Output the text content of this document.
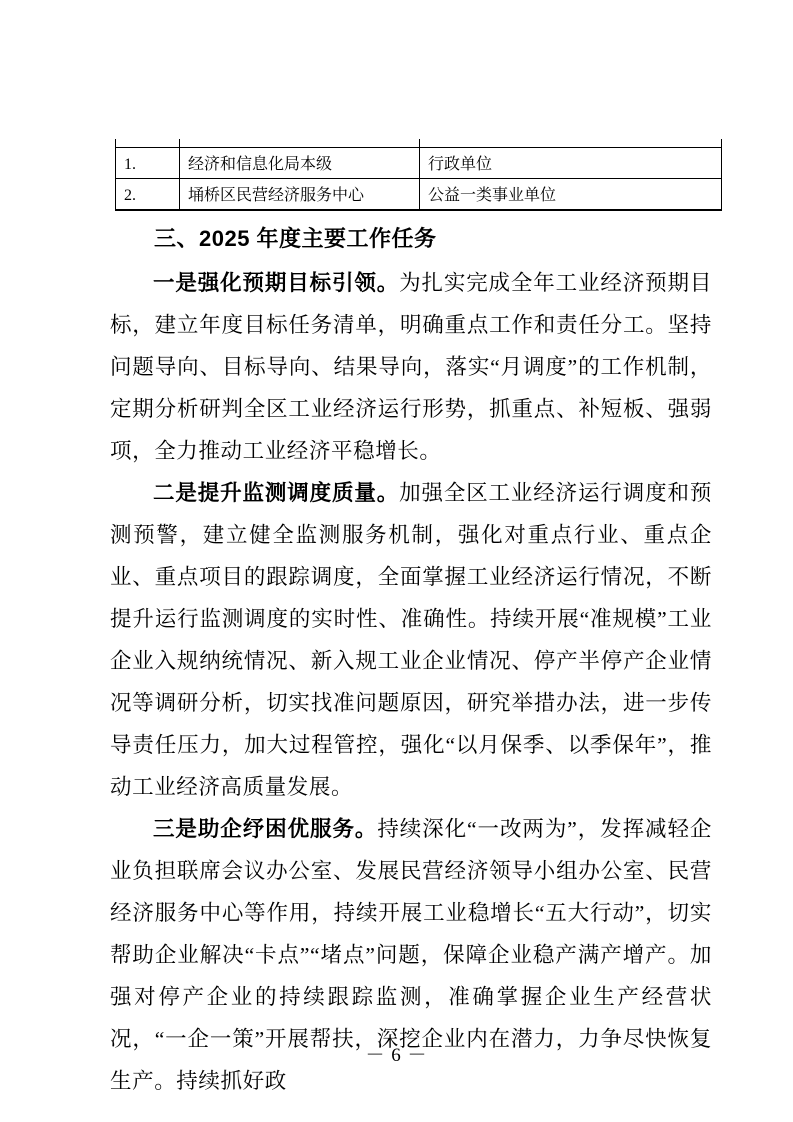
1.	经济和信息化局本级	行政单位
2.	埇桥区民营经济服务中心	公益一类事业单位
三、2025 年度主要工作任务

一是强化预期目标引领。为扎实完成全年工业经济预期目标，建立年度目标任务清单，明确重点工作和责任分工。坚持问题导向、目标导向、结果导向，落实“月调度”的工作机制，定期分析研判全区工业经济运行形势，抓重点、补短板、强弱项，全力推动工业经济平稳增长。

二是提升监测调度质量。加强全区工业经济运行调度和预测预警，建立健全监测服务机制，强化对重点行业、重点企业、重点项目的跟踪调度，全面掌握工业经济运行情况，不断提升运行监测调度的实时性、准确性。持续开展“准规模”工业企业入规纳统情况、新入规工业企业情况、停产半停产企业情况等调研分析，切实找准问题原因，研究举措办法，进一步传导责任压力，加大过程管控，强化“以月保季、以季保年”，推动工业经济高质量发展。

三是助企纾困优服务。持续深化“一改两为”，发挥减轻企业负担联席会议办公室、发展民营经济领导小组办公室、民营经济服务中心等作用，持续开展工业稳增长“五大行动”，切实帮助企业解决“卡点”“堵点”问题，保障企业稳产满产增产。加强对停产企业的持续跟踪监测，准确掌握企业生产经营状况，“一企一策”开展帮扶，深挖企业内在潜力，力争尽快恢复生产。持续抓好政

－ 6 －
